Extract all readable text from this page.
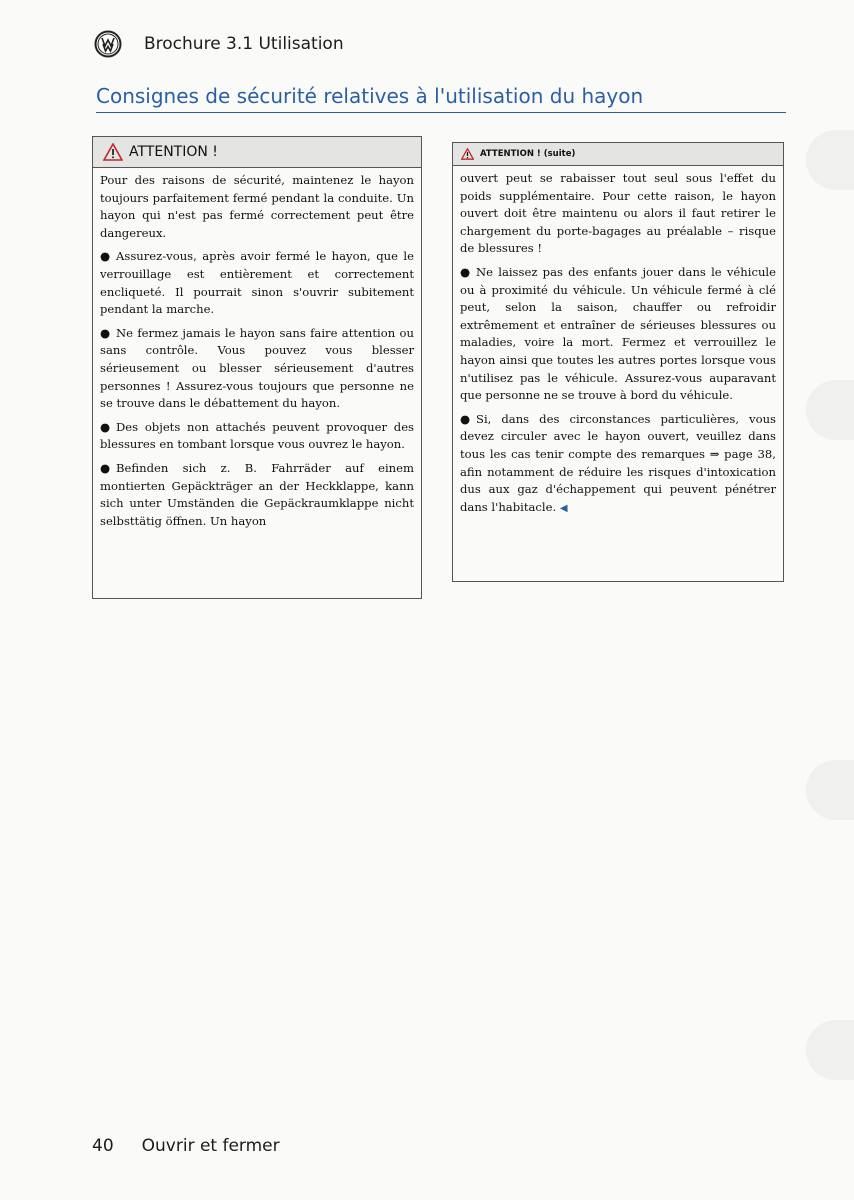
Brochure 3.1 Utilisation
Consignes de sécurité relatives à l'utilisation du hayon
ATTENTION !

Pour des raisons de sécurité, maintenez le hayon toujours parfaitement fermé pendant la conduite. Un hayon qui n'est pas fermé correctement peut être dangereux.

● Assurez-vous, après avoir fermé le hayon, que le verrouillage est entièrement et correctement encliqueté. Il pourrait sinon s'ouvrir subitement pendant la marche.

● Ne fermez jamais le hayon sans faire attention ou sans contrôle. Vous pouvez vous blesser sérieusement ou blesser sérieusement d'autres personnes ! Assurez-vous toujours que personne ne se trouve dans le débattement du hayon.

● Des objets non attachés peuvent provoquer des blessures en tombant lorsque vous ouvrez le hayon.

● Befinden sich z. B. Fahrräder auf einem montierten Gepäckträger an der Heckklappe, kann sich unter Umständen die Gepäckraumklappe nicht selbsttätig öffnen. Un hayon

ATTENTION ! (suite)

ouvert peut se rabaisser tout seul sous l'effet du poids supplémentaire. Pour cette raison, le hayon ouvert doit être maintenu ou alors il faut retirer le chargement du porte-bagages au préalable – risque de blessures !

● Ne laissez pas des enfants jouer dans le véhicule ou à proximité du véhicule. Un véhicule fermé à clé peut, selon la saison, chauffer ou refroidir extrêmement et entraîner de sérieuses blessures ou maladies, voire la mort. Fermez et verrouillez le hayon ainsi que toutes les autres portes lorsque vous n'utilisez pas le véhicule. Assurez-vous auparavant que personne ne se trouve à bord du véhicule.

● Si, dans des circonstances particulières, vous devez circuler avec le hayon ouvert, veuillez dans tous les cas tenir compte des remarques ⇒ page 38, afin notamment de réduire les risques d'intoxication dus aux gaz d'échappement qui peuvent pénétrer dans l'habitacle. ◀

40 Ouvrir et fermer
